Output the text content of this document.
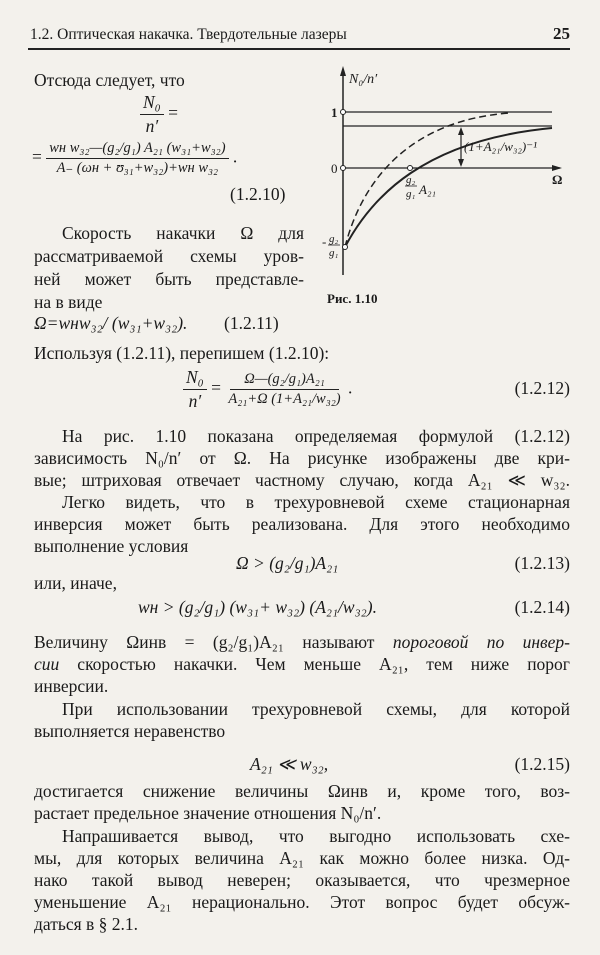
1.2. Оптическая накачка. Твердотельные лазеры	25
Отсюда следует, что
$\frac{\text{N₀}}{n'}$ =
= $\frac{\text{wн w₃₂—(g₂/g₁) A₂₁ (w₃₁+w₃₂)}}{\text{A₋ (ωн + ʊ₃₁+w₃₂)+wн w₃₂}}$ .
(1.2.10)
Скорость накачки Ω для
рассматриваемой схемы уров-
ней может быть представле-
на в виде
Ω=wнw₃₂/ (w₃₁+w₃₂). (1.2.11)
N₀/n′
1
0
Ω
- g₂
g₁
g₂
g₁ A₂₁
(1+A₂₁/w₃₂)⁻¹
Рис. 1.10
Используя (1.2.11), перепишем (1.2.10):
$\frac{\text{N₀}}{n'} = \frac{\text{Ω—(g₂/g₁)A₂₁}}{\text{A₂₁+Ω (1+A₂₁/w₃₂)}}$ .	(1.2.12)
На рис. 1.10 показана определяемая формулой (1.2.12)
зависимость N₀/n′ от Ω. На рисунке изображены две кри-
вые; штриховая отвечает частному случаю, когда A₂₁ ≪ w₃₂.
Легко видеть, что в трехуровневой схеме стационарная
инверсия может быть реализована. Для этого необходимо
выполнение условия
Ω > (g₂/g₁)A₂₁	(1.2.13)
или, иначе,
wн > (g₂/g₁) (w₃₁+ w₃₂) (A₂₁/w₃₂).	(1.2.14)
Величину Ωинв = (g₂/g₁)A₂₁ называют пороговой по инвер-
сии скоростью накачки. Чем меньше A₂₁, тем ниже порог
инверсии.
При использовании трехуровневой схемы, для которой
выполняется неравенство
A₂₁ ≪ w₃₂,	(1.2.15)
достигается снижение величины Ωинв и, кроме того, воз-
растает предельное значение отношения N₀/n′.
Напрашивается вывод, что выгодно использовать схе-
мы, для которых величина A₂₁ как можно более низка. Од-
нако такой вывод неверен; оказывается, что чрезмерное
уменьшение A₂₁ нерационально. Этот вопрос будет обсуж-
даться в § 2.1.
